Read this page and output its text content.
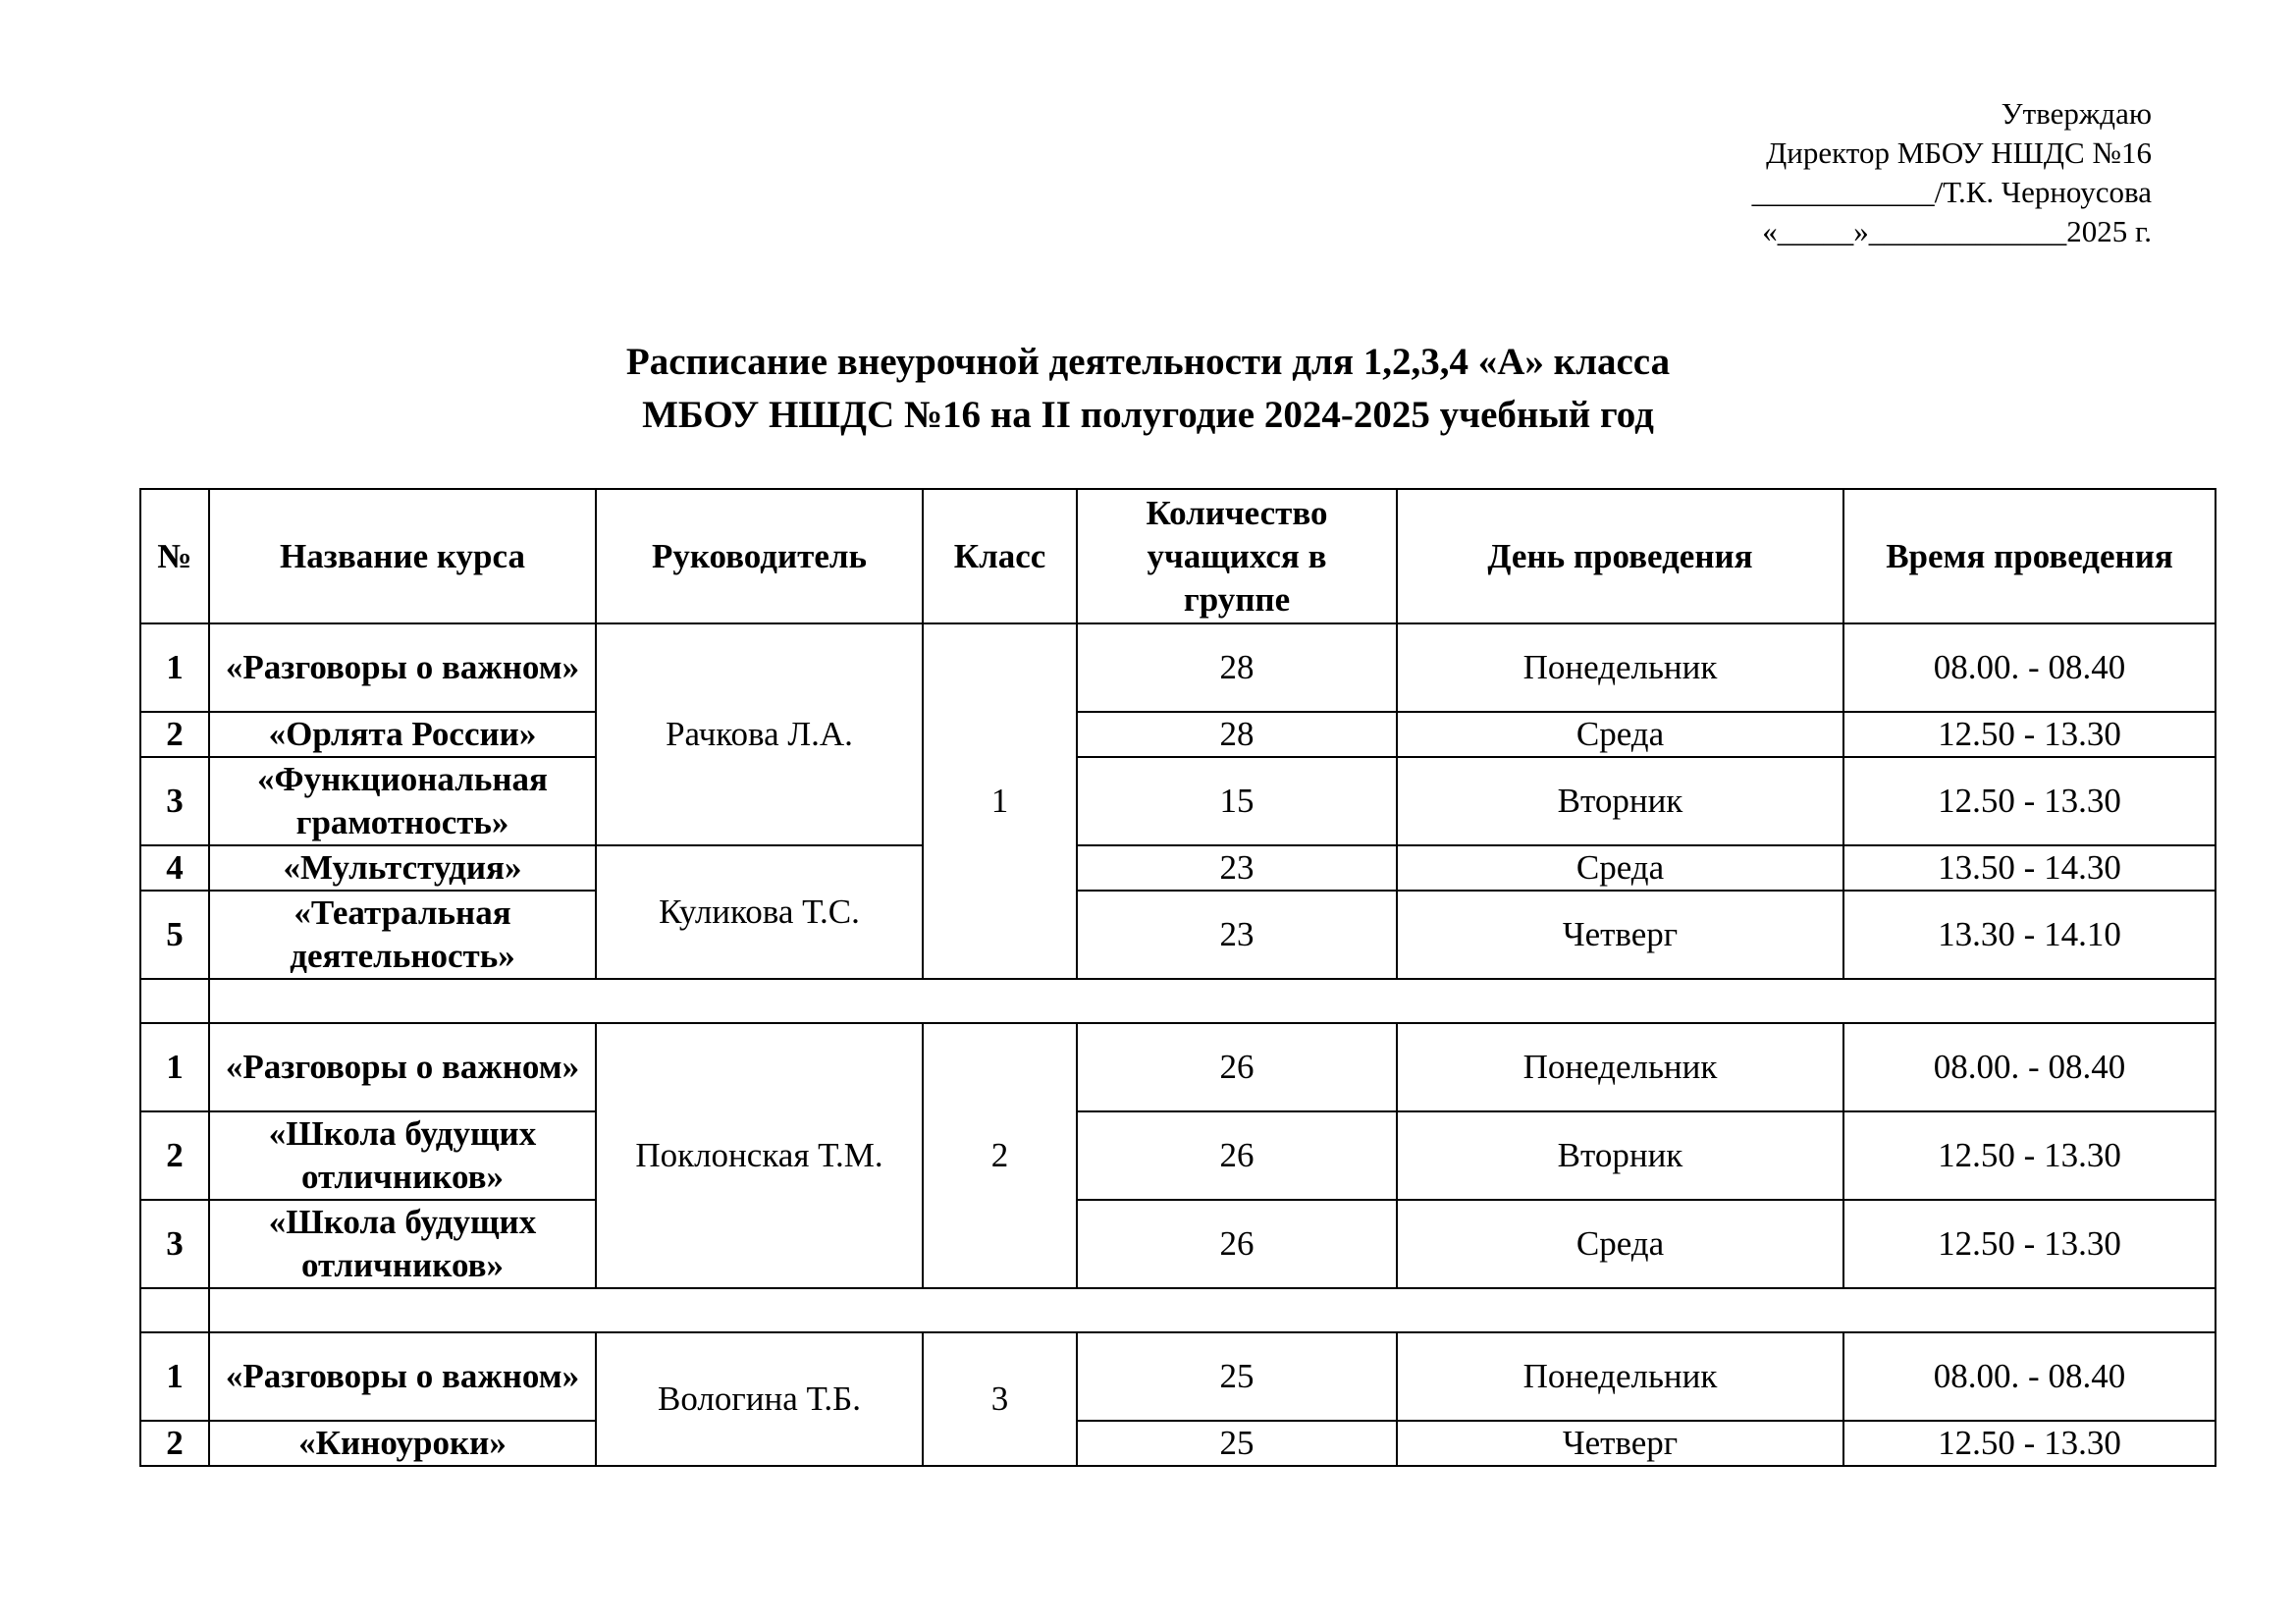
Утверждаю
Директор МБОУ НШДС №16
____________/Т.К. Черноусова
«_____»_____________2025 г.
Расписание внеурочной деятельности для 1,2,3,4 «А» класса
МБОУ НШДС №16 на II полугодие 2024-2025 учебный год
№	Название курса	Руководитель	Класс	Количество учащихся в группе	День проведения	Время проведения
1	«Разговоры о важном»	Рачкова Л.А.	1	28	Понедельник	08.00. - 08.40
2	«Орлята России»			28	Среда	12.50 - 13.30
3	«Функциональная грамотность»			15	Вторник	12.50 - 13.30
4	«Мультстудия»	Куликова Т.С.		23	Среда	13.50 - 14.30
5	«Театральная деятельность»			23	Четверг	13.30 - 14.10

1	«Разговоры о важном»	Поклонская Т.М.	2	26	Понедельник	08.00. - 08.40
2	«Школа будущих отличников»			26	Вторник	12.50 - 13.30
3	«Школа будущих отличников»			26	Среда	12.50 - 13.30

1	«Разговоры о важном»	Вологина Т.Б.	3	25	Понедельник	08.00. - 08.40
2	«Киноуроки»			25	Четверг	12.50 - 13.30
